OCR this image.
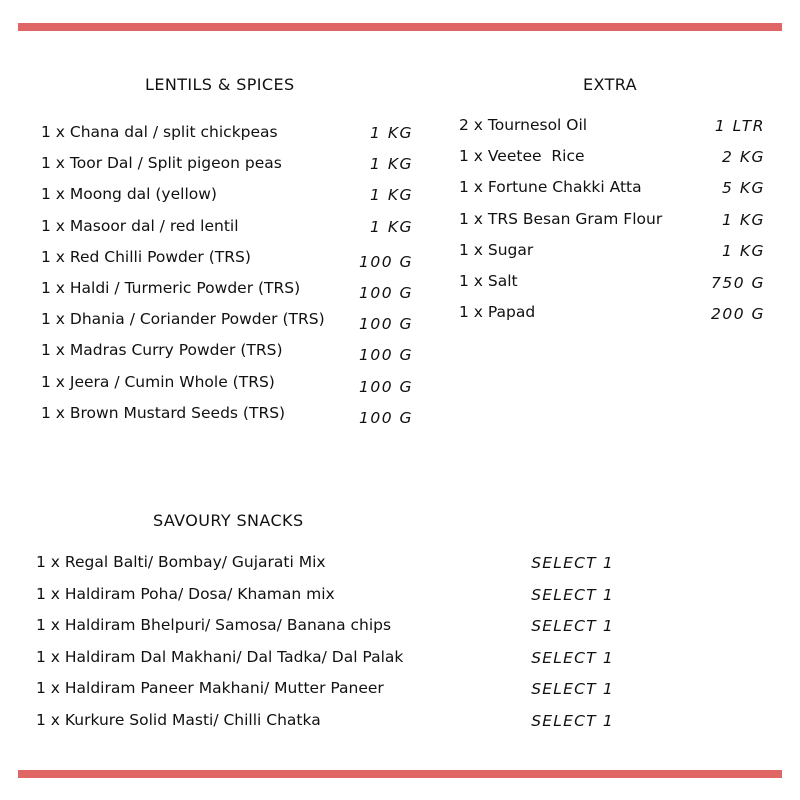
LENTILS & SPICES
1 x Chana dal / split chickpeas	1 KG
1 x Toor Dal / Split pigeon peas	1 KG
1 x Moong dal (yellow)	1 KG
1 x Masoor dal / red lentil	1 KG
1 x Red Chilli Powder (TRS)	100 G
1 x Haldi / Turmeric Powder (TRS)	100 G
1 x Dhania / Coriander Powder (TRS) 100 G
1 x Madras Curry Powder (TRS)	100 G
1 x Jeera / Cumin Whole (TRS)	100 G
1 x Brown Mustard Seeds (TRS)	100 G
EXTRA
2 x Tournesol Oil	1 LTR
1 x Veetee  Rice	2 KG
1 x Fortune Chakki Atta	5 KG
1 x TRS Besan Gram Flour	1 KG
1 x Sugar	1 KG
1 x Salt	750 G
1 x Papad	200 G
SAVOURY SNACKS
1 x Regal Balti/ Bombay/ Gujarati Mix	SELECT 1
1 x Haldiram Poha/ Dosa/ Khaman mix	SELECT 1
1 x Haldiram Bhelpuri/ Samosa/ Banana chips	SELECT 1
1 x Haldiram Dal Makhani/ Dal Tadka/ Dal Palak	SELECT 1
1 x Haldiram Paneer Makhani/ Mutter Paneer	SELECT 1
1 x Kurkure Solid Masti/ Chilli Chatka	SELECT 1
